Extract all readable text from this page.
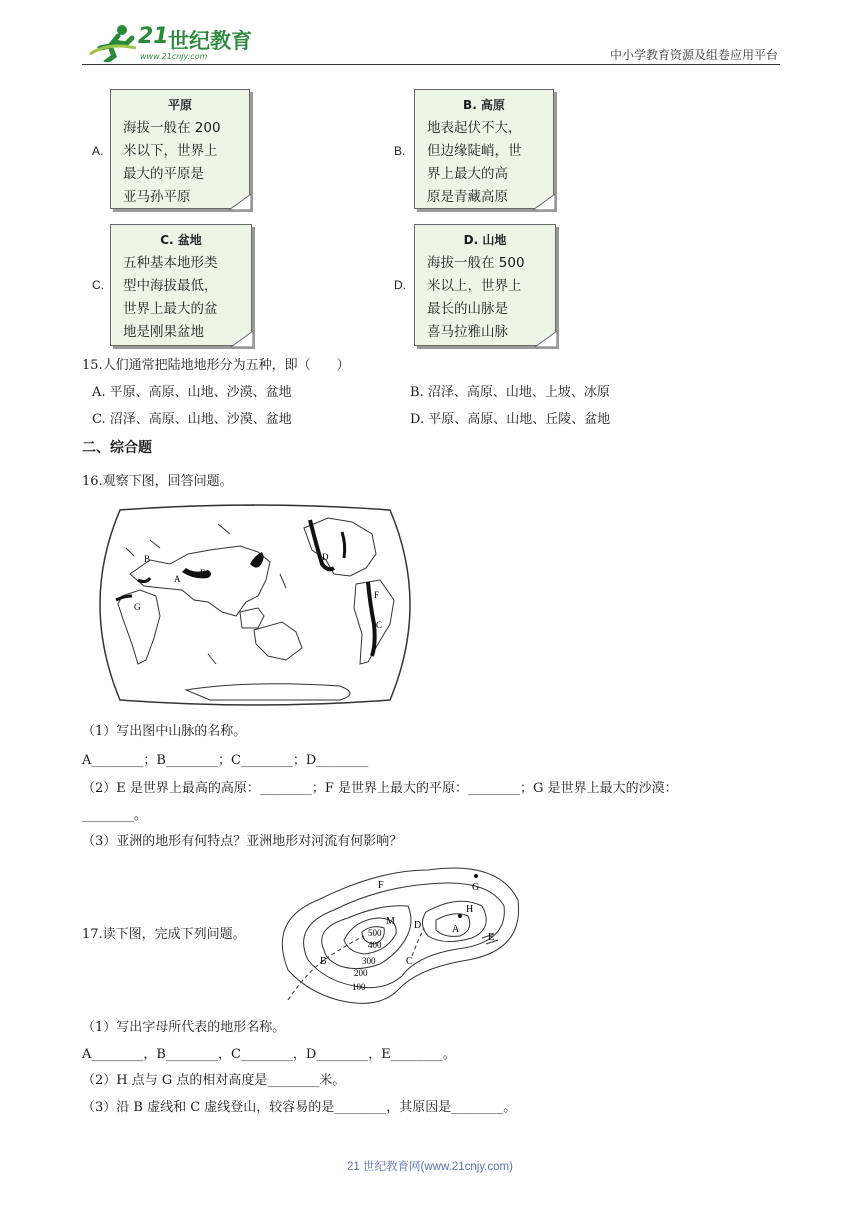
21 世纪教育
www.21cnjy.com	中小学教育资源及组卷应用平台
A.
平原
海拔一般在 200
米以下，世界上
最大的平原是
亚马孙平原
B.
B. 高原
地表起伏不大，
但边缘陡峭，世
界上最大的高
原是青藏高原
C.
C. 盆地
五种基本地形类
型中海拔最低，
世界上最大的盆
地是刚果盆地
D.
D. 山地
海拔一般在 500
米以上，世界上
最长的山脉是
喜马拉雅山脉
15.人们通常把陆地地形分为五种，即（　　）
A. 平原、高原、山地、沙漠、盆地	B. 沼泽、高原、山地、上坡、冰原
C. 沼泽、高原、山地、沙漠、盆地	D. 平原、高原、山地、丘陵、盆地
二、综合题
16.观察下图，回答问题。
B
A
E
G
D
F
C
（1）写出图中山脉的名称。
A________；B________；C________；D________
（2）E 是世界上最高的高原：________；F 是世界上最大的平原：________；G 是世界上最大的沙漠：
________。
（3）亚洲的地形有何特点？亚洲地形对河流有何影响？
17.读下图，完成下列问题。
F	G
M
H
D	A
E
B	C
500
400
300
200
100
（1）写出字母所代表的地形名称。
A________，B________，C________，D________，E________。
（2）H 点与 G 点的相对高度是________米。
（3）沿 B 虚线和 C 虚线登山，较容易的是________，其原因是________。
21 世纪教育网(www.21cnjy.com)
